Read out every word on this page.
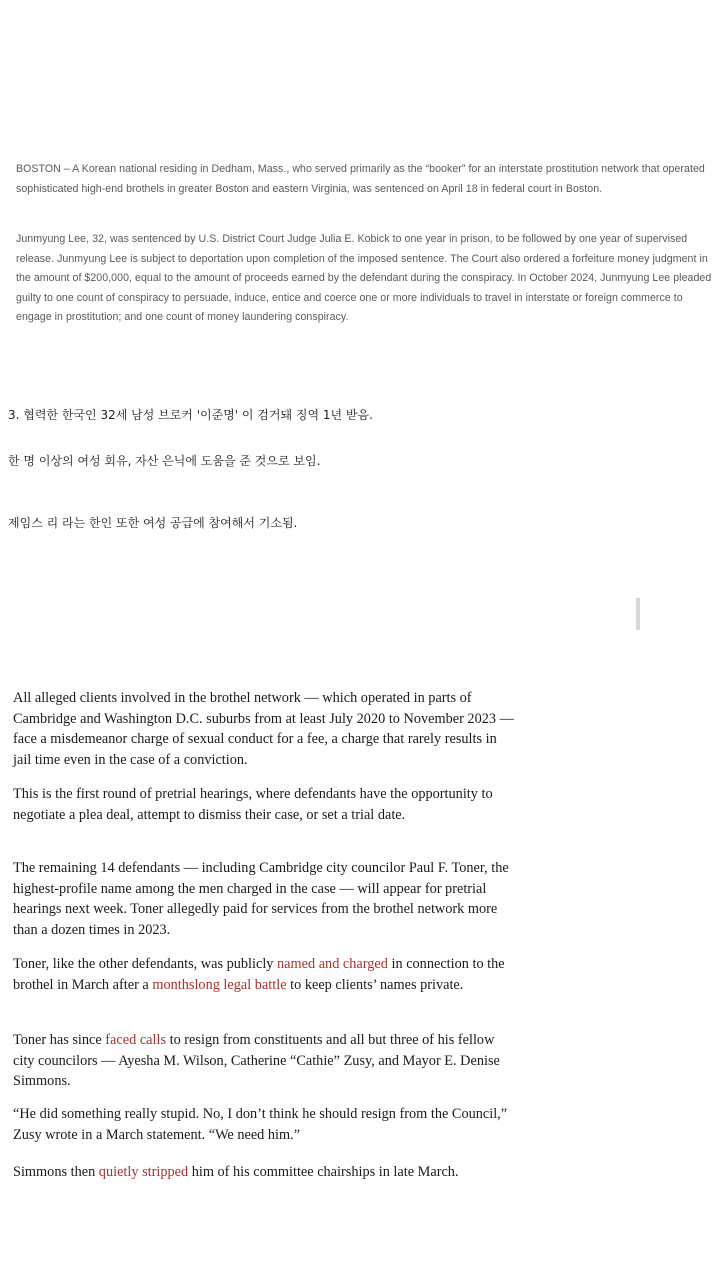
BOSTON – A Korean national residing in Dedham, Mass., who served primarily as the “booker” for an interstate prostitution network that operated sophisticated high-end brothels in greater Boston and eastern Virginia, was sentenced on April 18 in federal court in Boston.

Junmyung Lee, 32, was sentenced by U.S. District Court Judge Julia E. Kobick to one year in prison, to be followed by one year of supervised release. Junmyung Lee is subject to deportation upon completion of the imposed sentence. The Court also ordered a forfeiture money judgment in the amount of $200,000, equal to the amount of proceeds earned by the defendant during the conspiracy. In October 2024, Junmyung Lee pleaded guilty to one count of conspiracy to persuade, induce, entice and coerce one or more individuals to travel in interstate or foreign commerce to engage in prostitution; and one count of money laundering conspiracy.

3. 협력한 한국인 32세 남성 브로커 '이준명' 이 검거돼 징역 1년 받음.

한 명 이상의 여성 회유, 자산 은닉에 도움을 준 것으로 보임.

제임스 리 라는 한인 또한 여성 공급에 참여해서 기소됨.

All alleged clients involved in the brothel network — which operated in parts of Cambridge and Washington D.C. suburbs from at least July 2020 to November 2023 — face a misdemeanor charge of sexual conduct for a fee, a charge that rarely results in jail time even in the case of a conviction.

This is the first round of pretrial hearings, where defendants have the opportunity to negotiate a plea deal, attempt to dismiss their case, or set a trial date.

The remaining 14 defendants — including Cambridge city councilor Paul F. Toner, the highest-profile name among the men charged in the case — will appear for pretrial hearings next week. Toner allegedly paid for services from the brothel network more than a dozen times in 2023.

Toner, like the other defendants, was publicly named and charged in connection to the brothel in March after a monthslong legal battle to keep clients’ names private.

Toner has since faced calls to resign from constituents and all but three of his fellow city councilors — Ayesha M. Wilson, Catherine “Cathie” Zusy, and Mayor E. Denise Simmons.

“He did something really stupid. No, I don’t think he should resign from the Council,” Zusy wrote in a March statement. “We need him.”

Simmons then quietly stripped him of his committee chairships in late March.
